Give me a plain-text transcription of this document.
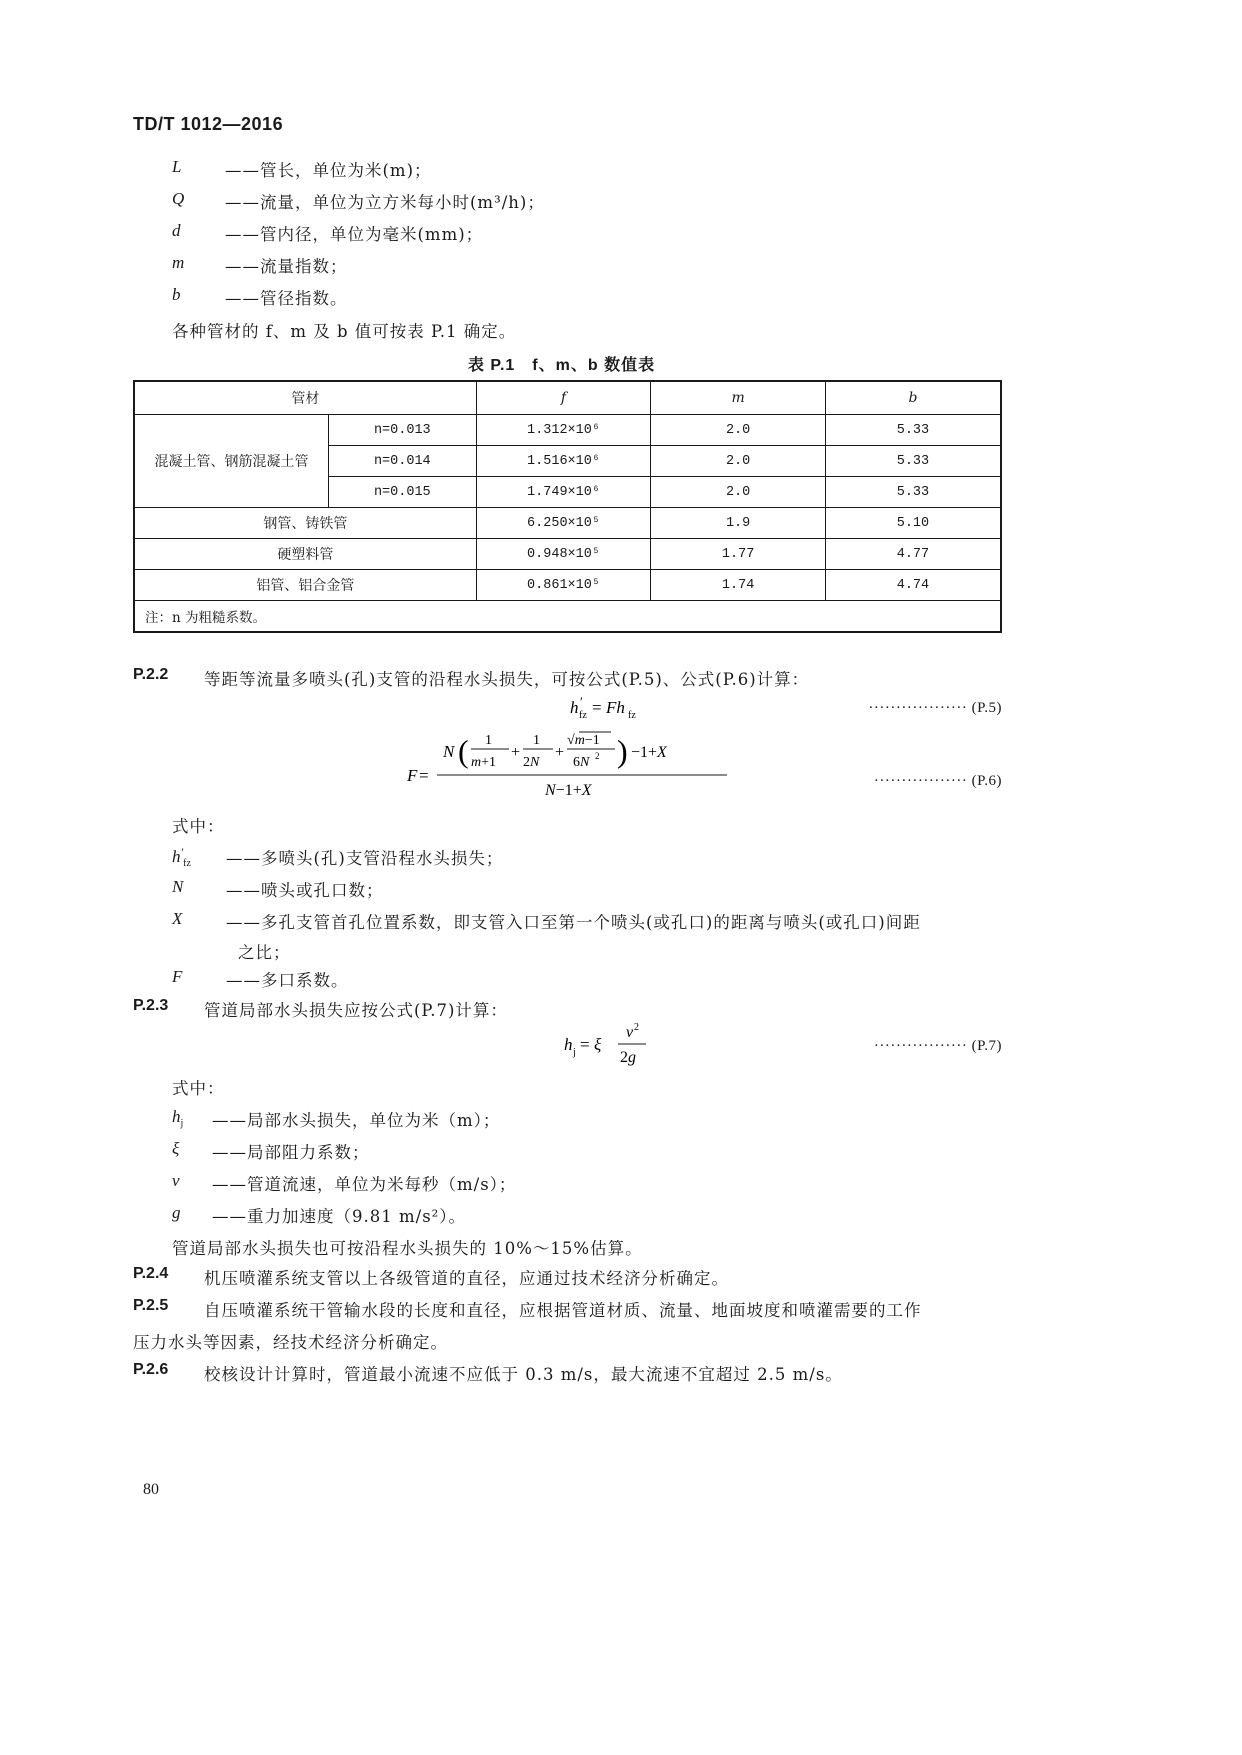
TD/T 1012—2016
L	——管长，单位为米(m)；
Q ——流量，单位为立方米每小时(m³/h)；
d	——管内径，单位为毫米(mm)；
m ——流量指数；
b	——管径指数。
各种管材的 f、m 及 b 值可按表 P.1 确定。
表 P.1　f、m、b 数值表
管材		f	m	b
混凝土管、钢筋混凝土管	n=0.013	1.312×10⁶	2.0	5.33
	n=0.014	1.516×10⁶	2.0	5.33
	n=0.015	1.749×10⁶	2.0	5.33
钢管、铸铁管		6.250×10⁵	1.9	5.10
硬塑料管		0.948×10⁵	1.77	4.77
铝管、铝合金管		0.861×10⁵	1.74	4.74
注：n 为粗糙系数。				
P.2.2 等距等流量多喷头(孔)支管的沿程水头损失，可按公式(P.5)、公式(P.6)计算：
h ′
fz = Fh fz	·················· (P.5)
F =
N ( 1
m+1
+
1
2N
+
√m−1
6N 2 ) −1+X
N−1+X
················· (P.6)
式中：
$h'_{fz}$ ——多喷头(孔)支管沿程水头损失；
N	——喷头或孔口数；
X	——多孔支管首孔位置系数，即支管入口至第一个喷头(或孔口)的距离与喷头(或孔口)间距
之比；
F	——多口系数。
P.2.3 管道局部水头损失应按公式(P.7)计算：
h j = ξ
v 2
2g
················· (P.7)
式中：
$h_j$ ——局部水头损失，单位为米（m）；
ξ ——局部阻力系数；
v ——管道流速，单位为米每秒（m/s）；
g ——重力加速度（9.81 m/s²）。
管道局部水头损失也可按沿程水头损失的 10%～15%估算。
P.2.4 机压喷灌系统支管以上各级管道的直径，应通过技术经济分析确定。
P.2.5 自压喷灌系统干管输水段的长度和直径，应根据管道材质、流量、地面坡度和喷灌需要的工作
压力水头等因素，经技术经济分析确定。
P.2.6 校核设计计算时，管道最小流速不应低于 0.3 m/s，最大流速不宜超过 2.5 m/s。
80
